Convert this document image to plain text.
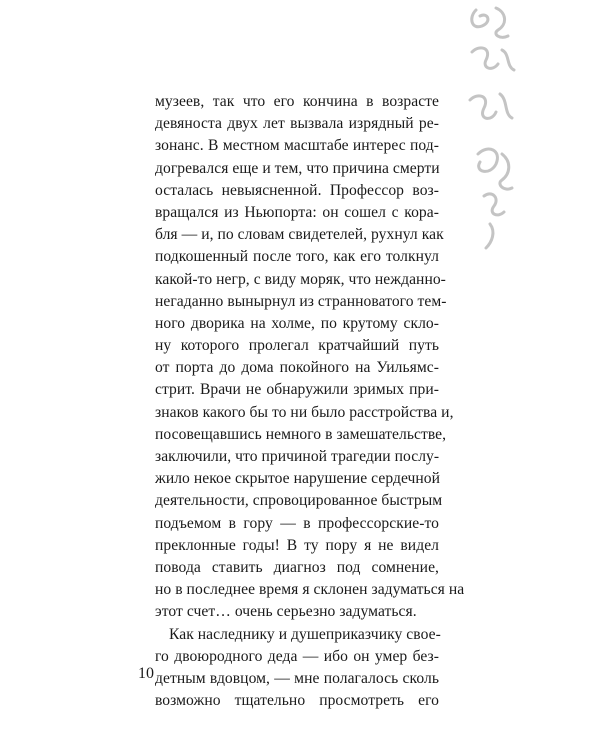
музеев, так что его кончина в возрасте
девяноста двух лет вызвала изрядный ре-
зонанс. В местном масштабе интерес под-
догревался еще и тем, что причина смерти
осталась невыясненной. Профессор воз-
вращался из Ньюпорта: он сошел с кора-
бля — и, по словам свидетелей, рухнул как
подкошенный после того, как его толкнул
какой-то негр, с виду моряк, что нежданно-
негаданно вынырнул из странноватого тем-
ного дворика на холме, по крутому скло-
ну которого пролегал кратчайший путь
от порта до дома покойного на Уильямс-
стрит. Врачи не обнаружили зримых при-
знаков какого бы то ни было расстройства и,
посовещавшись немного в замешательстве,
заключили, что причиной трагедии послу-
жило некое скрытое нарушение сердечной
деятельности, спровоцированное быстрым
подъемом в гору — в профессорские-то
преклонные годы! В ту пору я не видел
повода ставить диагноз под сомнение,
но в последнее время я склонен задуматься на
этот счет… очень серьезно задуматься.
Как наследнику и душеприказчику свое-
го двоюродного деда — ибо он умер без-
детным вдовцом, — мне полагалось сколь
возможно тщательно просмотреть его
10
